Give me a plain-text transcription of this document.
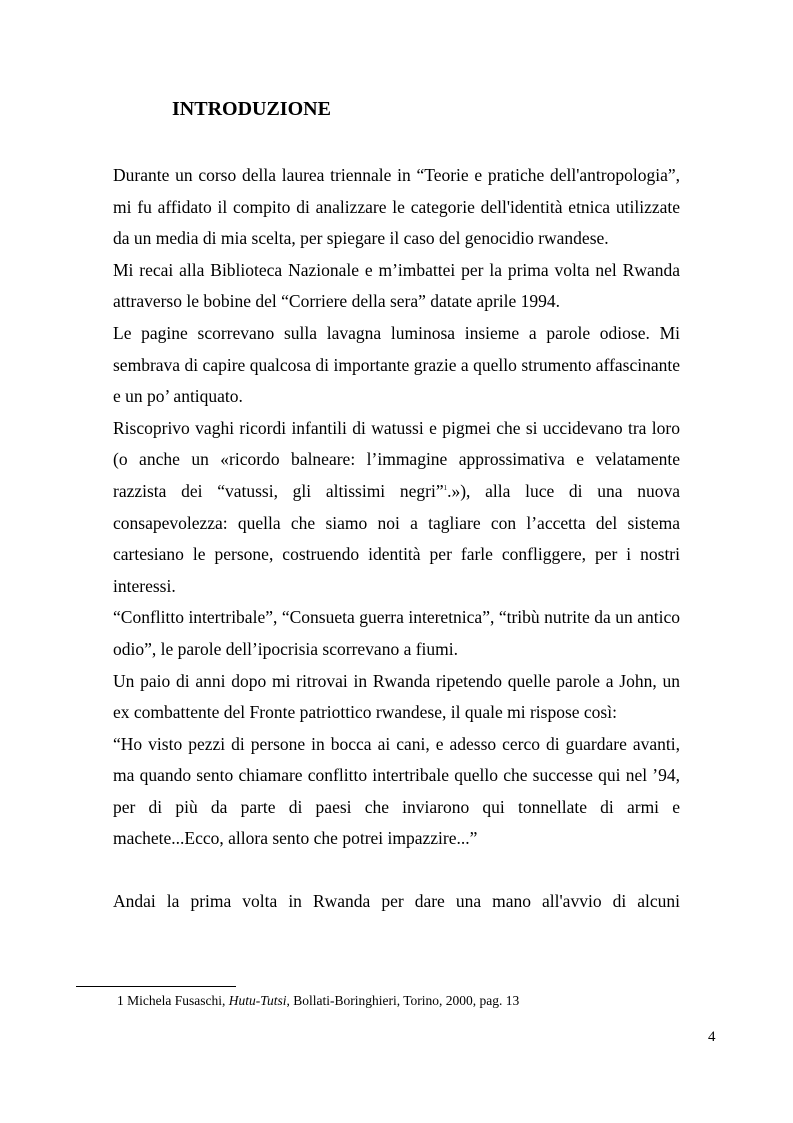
INTRODUZIONE

Durante un corso della laurea triennale in “Teorie e pratiche dell'antropologia”, mi fu affidato il compito di analizzare le categorie dell'identità etnica utilizzate da un media di mia scelta, per spiegare il caso del genocidio rwandese.

Mi recai alla Biblioteca Nazionale e m’imbattei per la prima volta nel Rwanda attraverso le bobine del “Corriere della sera” datate aprile 1994.

Le pagine scorrevano sulla lavagna luminosa insieme a parole odiose. Mi sembrava di capire qualcosa di importante grazie a quello strumento affascinante e un po’ antiquato.

Riscoprivo vaghi ricordi infantili di watussi e pigmei che si uccidevano tra loro (o anche un «ricordo balneare: l’immagine approssimativa e velatamente razzista dei “vatussi, gli altissimi negri”$^1$.»), alla luce di una nuova consapevolezza: quella che siamo noi a tagliare con l’accetta del sistema cartesiano le persone, costruendo identità per farle confliggere, per i nostri interessi.

“Conflitto intertribale”, “Consueta guerra interetnica”, “tribù nutrite da un antico odio”, le parole dell’ipocrisia scorrevano a fiumi.

Un paio di anni dopo mi ritrovai in Rwanda ripetendo quelle parole a John, un ex combattente del Fronte patriottico rwandese, il quale mi rispose così:

“Ho visto pezzi di persone in bocca ai cani, e adesso cerco di guardare avanti, ma quando sento chiamare conflitto intertribale quello che successe qui nel ’94, per di più da parte di paesi che inviarono qui tonnellate di armi e machete...Ecco, allora sento che potrei impazzire...”

Andai la prima volta in Rwanda per dare una mano all'avvio di alcuni

1 Michela Fusaschi, Hutu-Tutsi, Bollati-Boringhieri, Torino, 2000, pag. 13
4
